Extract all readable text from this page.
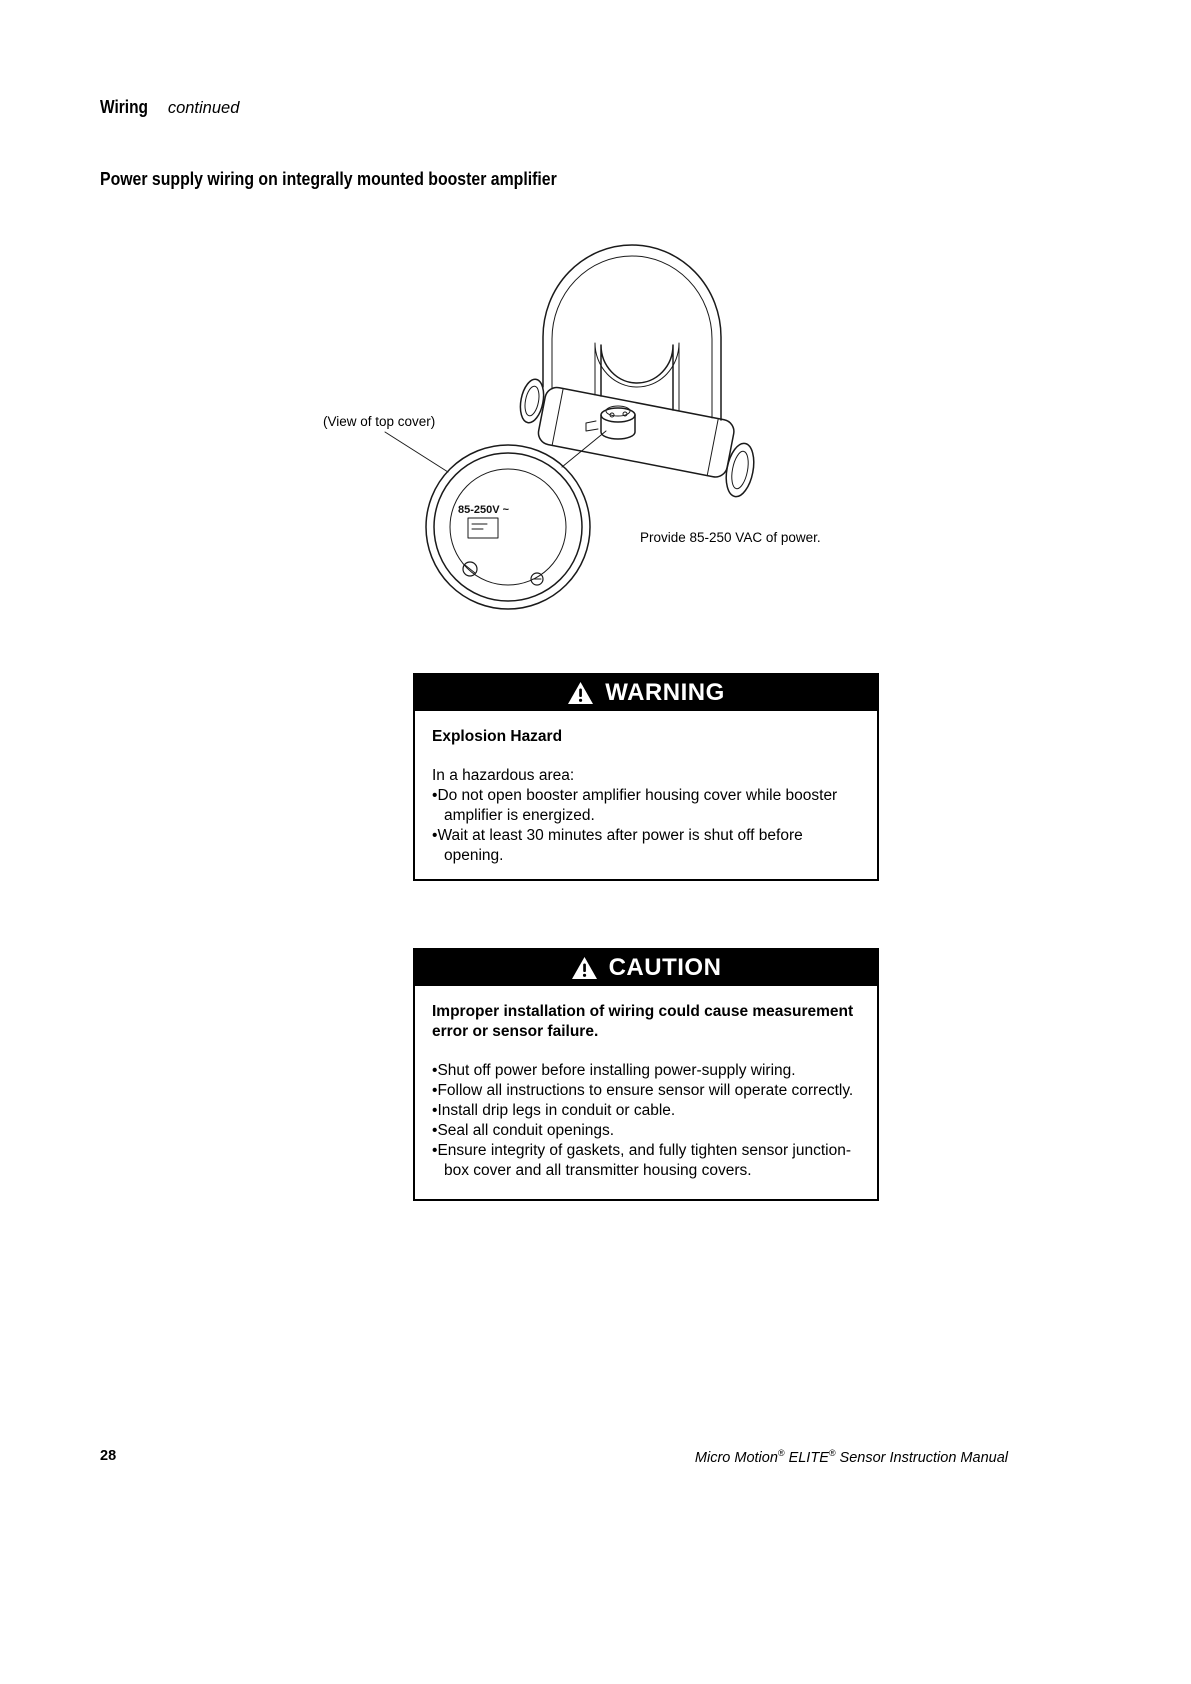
Wiring continued
Power supply wiring on integrally mounted booster amplifier
85-250V ~
(View of top cover)
Provide 85-250 VAC of power.
WARNING

Explosion Hazard

In a hazardous area:

• Do not open booster amplifier housing cover while booster amplifier is energized.
• Wait at least 30 minutes after power is shut off before opening.
CAUTION

Improper installation of wiring could cause measurement error or sensor failure.

• Shut off power before installing power-supply wiring.
• Follow all instructions to ensure sensor will operate correctly.
• Install drip legs in conduit or cable.
• Seal all conduit openings.
• Ensure integrity of gaskets, and fully tighten sensor junction-box cover and all transmitter housing covers.
28	Micro Motion® ELITE® Sensor Instruction Manual
